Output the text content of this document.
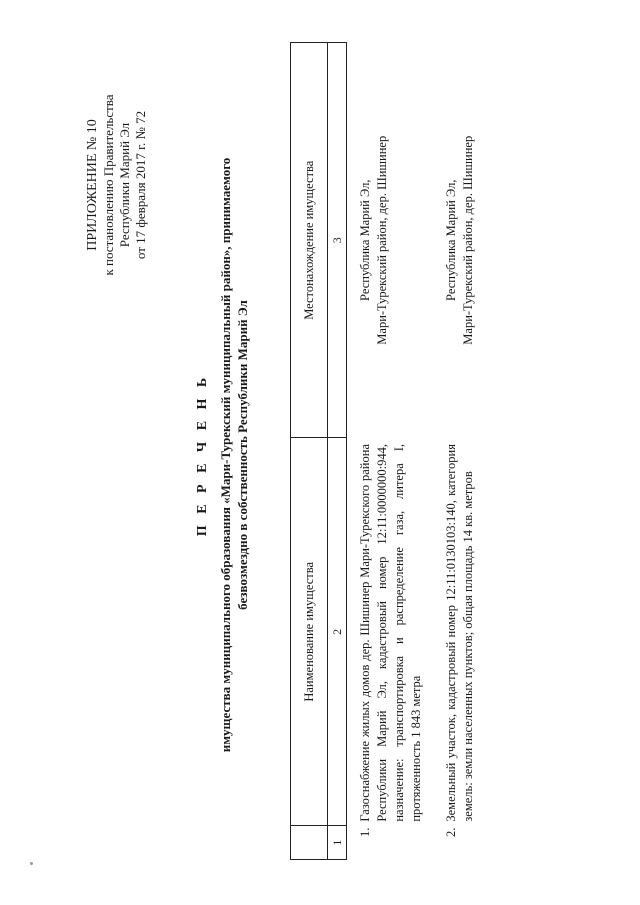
ПРИЛОЖЕНИЕ № 10 к постановлению Правительства Республики Марий Эл от 17 февраля 2017 г. № 72
П Е Р Е Ч Е Н Ь имущества муниципального образования «Мари-Турекский муниципальный район», принимаемого безвозмездно в собственность Республики Марий Эл
	Наименование имущества	Местонахождение имущества
1	2	3
1.	Газоснабжение жилых домов дер. Шишинер Мари-Турекского района Республики Марий Эл, кадастровый номер 12:11:0000000:944, назначение: транспортировка и распределение газа, литера I, протяженность 1 843 метра	Республика Марий Эл, Мари-Турекский район, дер. Шишинер

2.	Земельный участок, кадастровый номер 12:11:0130103:140, категория земель: земли населенных пунктов; общая площадь 14 кв. метров	Республика Марий Эл, Мари-Турекский район, дер. Шишинер
